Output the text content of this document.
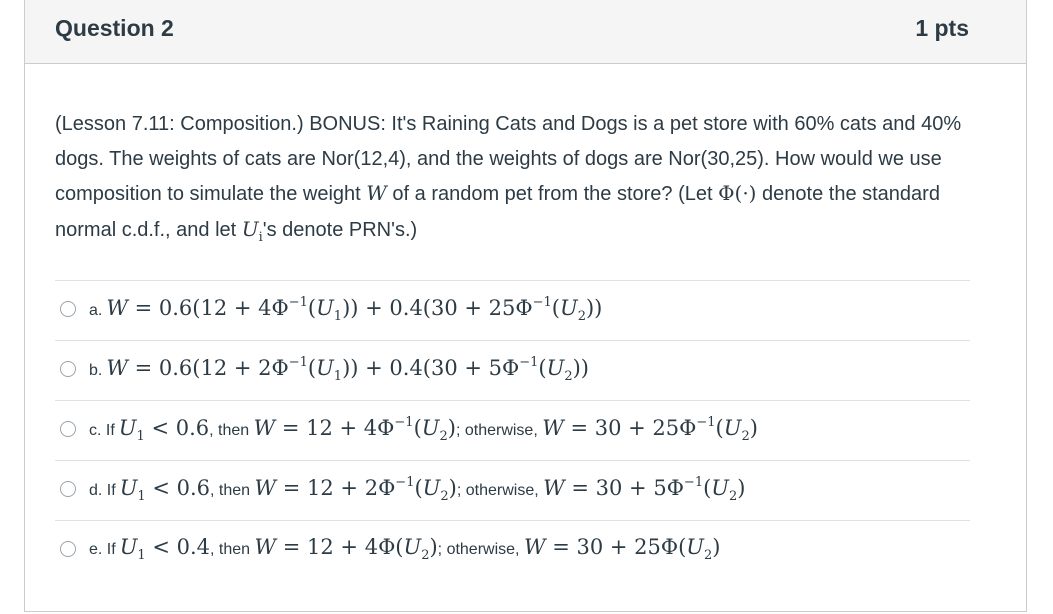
Question 2	1 pts
(Lesson 7.11: Composition.) BONUS: It's Raining Cats and Dogs is a pet store with 60% cats and 40% dogs. The weights of cats are Nor(12,4), and the weights of dogs are Nor(30,25). How would we use composition to simulate the weight W of a random pet from the store? (Let Φ(·) denote the standard normal c.d.f., and let $U_i's$ denote PRN's.)
a. $W = 0.6(12 + 4\Phi^{-1}(U_1)) + 0.4(30 + 25\Phi^{-1}(U_2))$
b. $W = 0.6(12 + 2\Phi^{-1}(U_1)) + 0.4(30 + 5\Phi^{-1}(U_2))$
c. If $U_1 < 0.6$, then $W = 12 + 4\Phi^{-1}(U_2)$; otherwise, $W = 30 + 25\Phi^{-1}(U_2)$
d. If $U_1 < 0.6$, then $W = 12 + 2\Phi^{-1}(U_2)$; otherwise, $W = 30 + 5\Phi^{-1}(U_2)$
e. If $U_1 < 0.4$, then $W = 12 + 4\Phi(U_2)$; otherwise, $W = 30 + 25\Phi(U_2)$
